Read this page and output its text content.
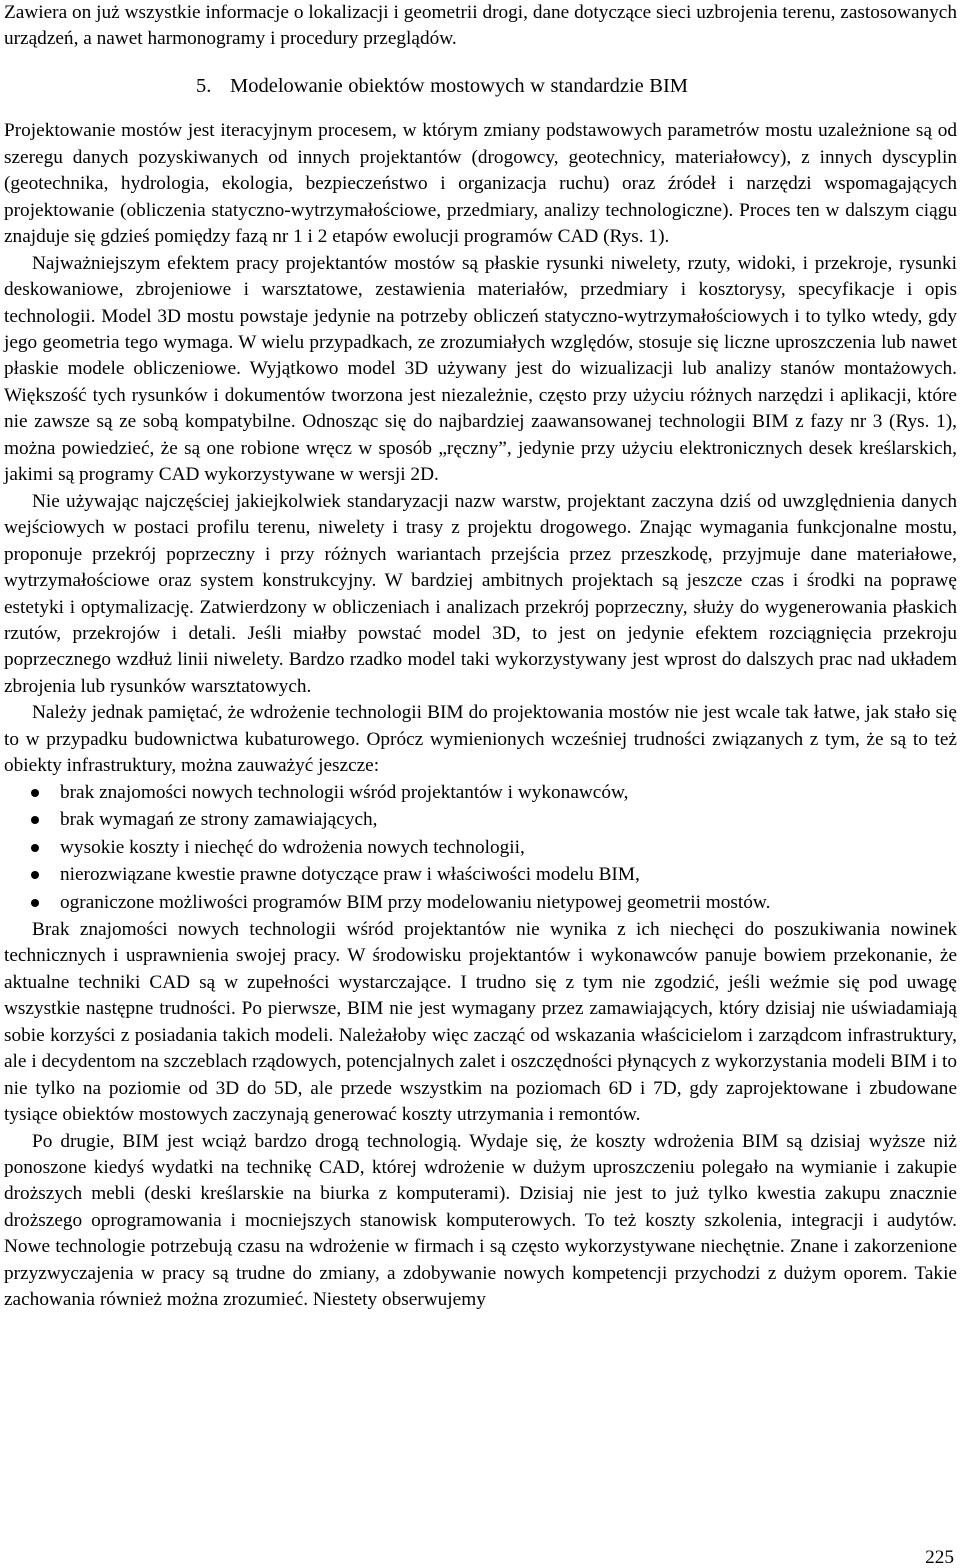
Zawiera on już wszystkie informacje o lokalizacji i geometrii drogi, dane dotyczące sieci uzbrojenia terenu, zastosowanych urządzeń, a nawet harmonogramy i procedury przeglądów.

5. Modelowanie obiektów mostowych w standardzie BIM

Projektowanie mostów jest iteracyjnym procesem, w którym zmiany podstawowych parametrów mostu uzależnione są od szeregu danych pozyskiwanych od innych projektantów (drogowcy, geotechnicy, materiałowcy), z innych dyscyplin (geotechnika, hydrologia, ekologia, bezpieczeństwo i organizacja ruchu) oraz źródeł i narzędzi wspomagających projektowanie (obliczenia statyczno-wytrzymałościowe, przedmiary, analizy technologiczne). Proces ten w dalszym ciągu znajduje się gdzieś pomiędzy fazą nr 1 i 2 etapów ewolucji programów CAD (Rys. 1).

Najważniejszym efektem pracy projektantów mostów są płaskie rysunki niwelety, rzuty, widoki, i przekroje, rysunki deskowaniowe, zbrojeniowe i warsztatowe, zestawienia materiałów, przedmiary i kosztorysy, specyfikacje i opis technologii. Model 3D mostu powstaje jedynie na potrzeby obliczeń statyczno-wytrzymałościowych i to tylko wtedy, gdy jego geometria tego wymaga. W wielu przypadkach, ze zrozumiałych względów, stosuje się liczne uproszczenia lub nawet płaskie modele obliczeniowe. Wyjątkowo model 3D używany jest do wizualizacji lub analizy stanów montażowych. Większość tych rysunków i dokumentów tworzona jest niezależnie, często przy użyciu różnych narzędzi i aplikacji, które nie zawsze są ze sobą kompatybilne. Odnosząc się do najbardziej zaawansowanej technologii BIM z fazy nr 3 (Rys. 1), można powiedzieć, że są one robione wręcz w sposób „ręczny”, jedynie przy użyciu elektronicznych desek kreślarskich, jakimi są programy CAD wykorzystywane w wersji 2D.

Nie używając najczęściej jakiejkolwiek standaryzacji nazw warstw, projektant zaczyna dziś od uwzględnienia danych wejściowych w postaci profilu terenu, niwelety i trasy z projektu drogowego. Znając wymagania funkcjonalne mostu, proponuje przekrój poprzeczny i przy różnych wariantach przejścia przez przeszkodę, przyjmuje dane materiałowe, wytrzymałościowe oraz system konstrukcyjny. W bardziej ambitnych projektach są jeszcze czas i środki na poprawę estetyki i optymalizację. Zatwierdzony w obliczeniach i analizach przekrój poprzeczny, służy do wygenerowania płaskich rzutów, przekrojów i detali. Jeśli miałby powstać model 3D, to jest on jedynie efektem rozciągnięcia przekroju poprzecznego wzdłuż linii niwelety. Bardzo rzadko model taki wykorzystywany jest wprost do dalszych prac nad układem zbrojenia lub rysunków warsztatowych.

Należy jednak pamiętać, że wdrożenie technologii BIM do projektowania mostów nie jest wcale tak łatwe, jak stało się to w przypadku budownictwa kubaturowego. Oprócz wymienionych wcześniej trudności związanych z tym, że są to też obiekty infrastruktury, można zauważyć jeszcze:

brak znajomości nowych technologii wśród projektantów i wykonawców,
brak wymagań ze strony zamawiających,
wysokie koszty i niechęć do wdrożenia nowych technologii,
nierozwiązane kwestie prawne dotyczące praw i właściwości modelu BIM,
ograniczone możliwości programów BIM przy modelowaniu nietypowej geometrii mostów.

Brak znajomości nowych technologii wśród projektantów nie wynika z ich niechęci do poszukiwania nowinek technicznych i usprawnienia swojej pracy. W środowisku projektantów i wykonawców panuje bowiem przekonanie, że aktualne techniki CAD są w zupełności wystarczające. I trudno się z tym nie zgodzić, jeśli weźmie się pod uwagę wszystkie następne trudności. Po pierwsze, BIM nie jest wymagany przez zamawiających, który dzisiaj nie uświadamiają sobie korzyści z posiadania takich modeli. Należałoby więc zacząć od wskazania właścicielom i zarządcom infrastruktury, ale i decydentom na szczeblach rządowych, potencjalnych zalet i oszczędności płynących z wykorzystania modeli BIM i to nie tylko na poziomie od 3D do 5D, ale przede wszystkim na poziomach 6D i 7D, gdy zaprojektowane i zbudowane tysiące obiektów mostowych zaczynają generować koszty utrzymania i remontów.

Po drugie, BIM jest wciąż bardzo drogą technologią. Wydaje się, że koszty wdrożenia BIM są dzisiaj wyższe niż ponoszone kiedyś wydatki na technikę CAD, której wdrożenie w dużym uproszczeniu polegało na wymianie i zakupie droższych mebli (deski kreślarskie na biurka z komputerami). Dzisiaj nie jest to już tylko kwestia zakupu znacznie droższego oprogramowania i mocniejszych stanowisk komputerowych. To też koszty szkolenia, integracji i audytów. Nowe technologie potrzebują czasu na wdrożenie w firmach i są często wykorzystywane niechętnie. Znane i zakorzenione przyzwyczajenia w pracy są trudne do zmiany, a zdobywanie nowych kompetencji przychodzi z dużym oporem. Takie zachowania również można zrozumieć. Niestety obserwujemy

225
